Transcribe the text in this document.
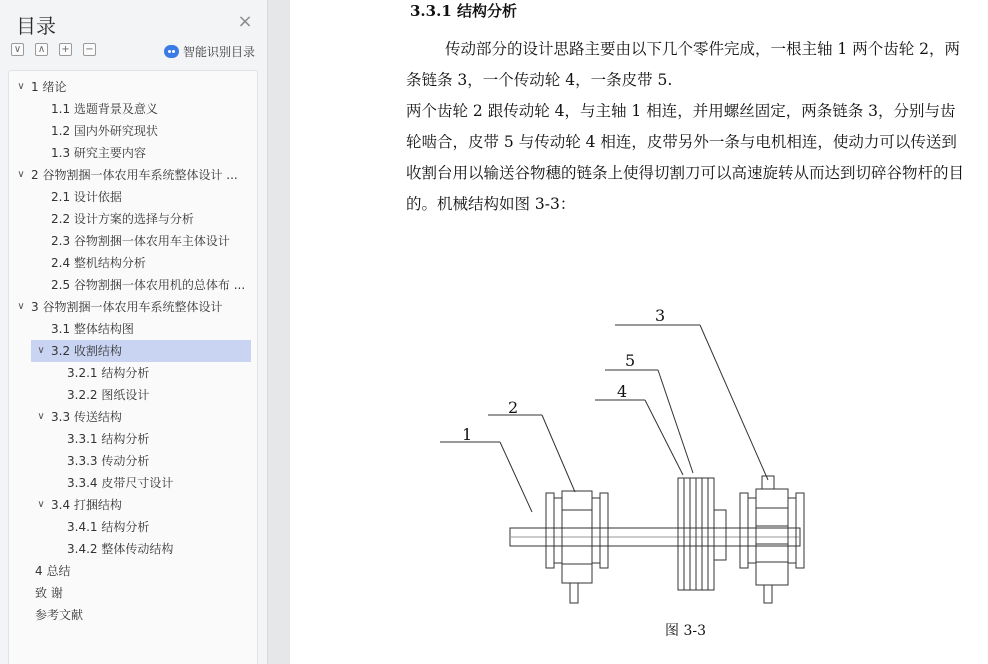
目录	×
∨ ∧ + −	智能识别目录
∨ 1 绪论
1.1 选题背景及意义
1.2 国内外研究现状
1.3 研究主要内容
∨ 2 谷物割捆一体农用车系统整体设计 ...
2.1 设计依据
2.2 设计方案的选择与分析
2.3 谷物割捆一体农用车主体设计
2.4 整机结构分析
2.5 谷物割捆一体农用机的总体布 ...
∨ 3 谷物割捆一体农用车系统整体设计
3.1 整体结构图
∨ 3.2 收割结构
3.2.1 结构分析
3.2.2 图纸设计
∨ 3.3 传送结构
3.3.1 结构分析
3.3.3 传动分析
3.3.4 皮带尺寸设计
∨ 3.4 打捆结构
3.4.1 结构分析
3.4.2 整体传动结构
4 总结
致 谢
参考文献
3.3.1 结构分析
传动部分的设计思路主要由以下几个零件完成，一根主轴 1 两个齿轮 2，两条链条 3，一个传动轮 4，一条皮带 5.
两个齿轮 2 跟传动轮 4，与主轴 1 相连，并用螺丝固定，两条链条 3，分别与齿轮啮合，皮带 5 与传动轮 4 相连，皮带另外一条与电机相连，使动力可以传送到收割台用以输送谷物穗的链条上使得切割刀可以高速旋转从而达到切碎谷物杆的目的。机械结构如图 3-3：
1
2
3
4
5
图 3-3
